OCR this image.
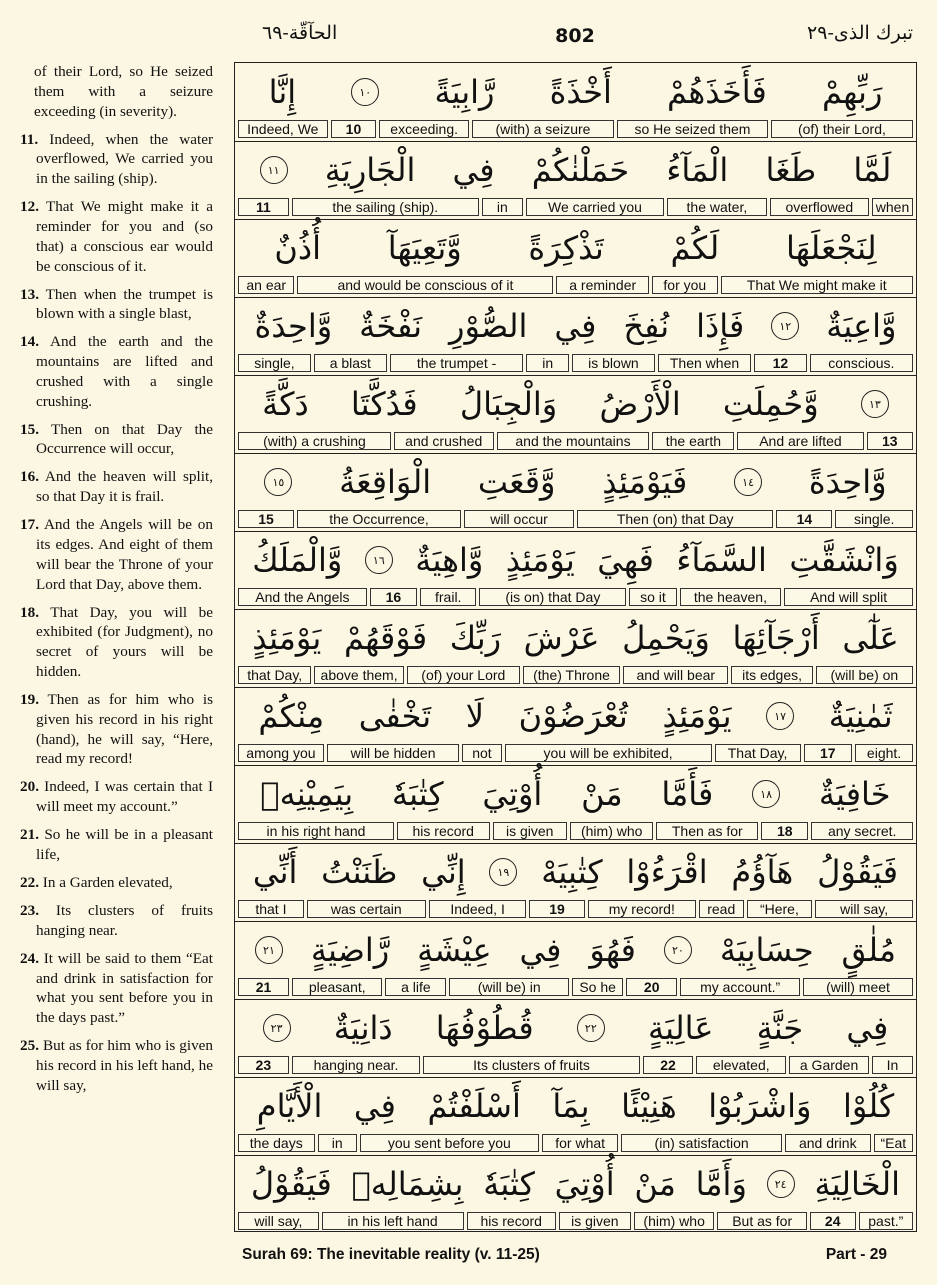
تبرك الذى-٢٩
802
الحآقّة-٦٩

of their Lord, so He seized them with a seizure exceeding (in severity).

11. Indeed, when the water overflowed, We carried you in the sailing (ship).

12. That We might make it a reminder for you and (so that) a conscious ear would be conscious of it.

13. Then when the trumpet is blown with a single blast,

14. And the earth and the mountains are lifted and crushed with a single crushing.

15. Then on that Day the Occurrence will occur,

16. And the heaven will split, so that Day it is frail.

17. And the Angels will be on its edges. And eight of them will bear the Throne of your Lord that Day, above them.

18. That Day, you will be exhibited (for Judgment), no secret of yours will be hidden.

19. Then as for him who is given his record in his right (hand), he will say, “Here, read my record!

20. Indeed, I was certain that I will meet my account.”

21. So he will be in a pleasant life,

22. In a Garden elevated,

23. Its clusters of fruits hanging near.

24. It will be said to them “Eat and drink in satisfaction for what you sent before you in the days past.”

25. But as for him who is given his record in his left hand, he will say,

رَبِّهِمْ
فَأَخَذَهُمْ
أَخْذَةً
رَّابِيَةً
١٠
إِنَّا
(of) their Lord,
so He seized them
(with) a seizure
exceeding.
10
Indeed, We
لَمَّا
طَغَا
الْمَآءُ
حَمَلْنٰكُمْ
فِي
الْجَارِيَةِ
١١
when
overflowed
the water,
We carried you
in
the sailing (ship).
11
لِنَجْعَلَهَا
لَكُمْ
تَذْكِرَةً
وَّتَعِيَهَآ
أُذُنٌ
That We might make it
for you
a reminder
and would be conscious of it
an ear
وَّاعِيَةٌ
١٢
فَإِذَا
نُفِخَ
فِي
الصُّوْرِ
نَفْخَةٌ
وَّاحِدَةٌ
conscious.
12
Then when
is blown
in
the trumpet -
a blast
single,
١٣
وَّحُمِلَتِ
الْأَرْضُ
وَالْجِبَالُ
فَدُكَّتَا
دَكَّةً
13
And are lifted
the earth
and the mountains
and crushed
(with) a crushing
وَّاحِدَةً
١٤
فَيَوْمَئِذٍ
وَّقَعَتِ
الْوَاقِعَةُ
١٥
single.
14
Then (on) that Day
will occur
the Occurrence,
15
وَانْشَقَّتِ
السَّمَآءُ
فَهِيَ
يَوْمَئِذٍ
وَّاهِيَةٌ
١٦
وَّالْمَلَكُ
And will split
the heaven,
so it
(is on) that Day
frail.
16
And the Angels
عَلٰٓى
أَرْجَآئِهَا
وَيَحْمِلُ
عَرْشَ
رَبِّكَ
فَوْقَهُمْ
يَوْمَئِذٍ
(will be) on
its edges,
and will bear
(the) Throne
(of) your Lord
above them,
that Day,
ثَمٰنِيَةٌ
١٧
يَوْمَئِذٍ
تُعْرَضُوْنَ
لَا
تَخْفٰى
مِنْكُمْ
eight.
17
That Day,
you will be exhibited,
not
will be hidden
among you
خَافِيَةٌ
١٨
فَأَمَّا
مَنْ
أُوْتِيَ
كِتٰبَهٗ
بِيَمِيْنِهٖ
any secret.
18
Then as for
(him) who
is given
his record
in his right hand
فَيَقُوْلُ
هَآؤُمُ
اقْرَءُوْا
كِتٰبِيَهْ
١٩
إِنِّي
ظَنَنْتُ
أَنِّي
will say,
“Here,
read
my record!
19
Indeed, I
was certain
that I
مُلٰقٍ
حِسَابِيَهْ
٢٠
فَهُوَ
فِي
عِيْشَةٍ
رَّاضِيَةٍ
٢١
(will) meet
my account.”
20
So he
(will be) in
a life
pleasant,
21
فِي
جَنَّةٍ
عَالِيَةٍ
٢٢
قُطُوْفُهَا
دَانِيَةٌ
٢٣
In
a Garden
elevated,
22
Its clusters of fruits
hanging near.
23
كُلُوْا
وَاشْرَبُوْا
هَنِيْئًا
بِمَآ
أَسْلَفْتُمْ
فِي
الْأَيَّامِ
“Eat
and drink
(in) satisfaction
for what
you sent before you
in
the days
الْخَالِيَةِ
٢٤
وَأَمَّا
مَنْ
أُوْتِيَ
كِتٰبَهٗ
بِشِمَالِهٖ
فَيَقُوْلُ
past.”
24
But as for
(him) who
is given
his record
in his left hand
will say,
Surah 69: The inevitable reality (v. 11-25)	Part - 29
